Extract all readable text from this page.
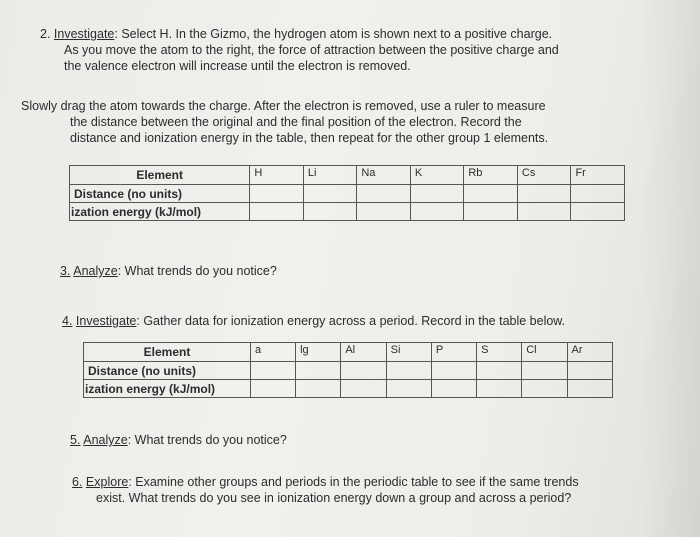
2. Investigate: Select H. In the Gizmo, the hydrogen atom is shown next to a positive charge.
As you move the atom to the right, the force of attraction between the positive charge and
the valence electron will increase until the electron is removed.
Slowly drag the atom towards the charge. After the electron is removed, use a ruler to measure
the distance between the original and the final position of the electron. Record the
distance and ionization energy in the table, then repeat for the other group 1 elements.
Element	H	Li	Na	K	Rb	Cs	Fr
Distance (no units)							
ization energy (kJ/mol)							
3. Analyze: What trends do you notice?
4. Investigate: Gather data for ionization energy across a period. Record in the table below.
Element	a	lg	Al	Si	P	S	Cl	Ar
Distance (no units)								
ization energy (kJ/mol)								
5. Analyze: What trends do you notice?
6. Explore: Examine other groups and periods in the periodic table to see if the same trends
exist. What trends do you see in ionization energy down a group and across a period?
